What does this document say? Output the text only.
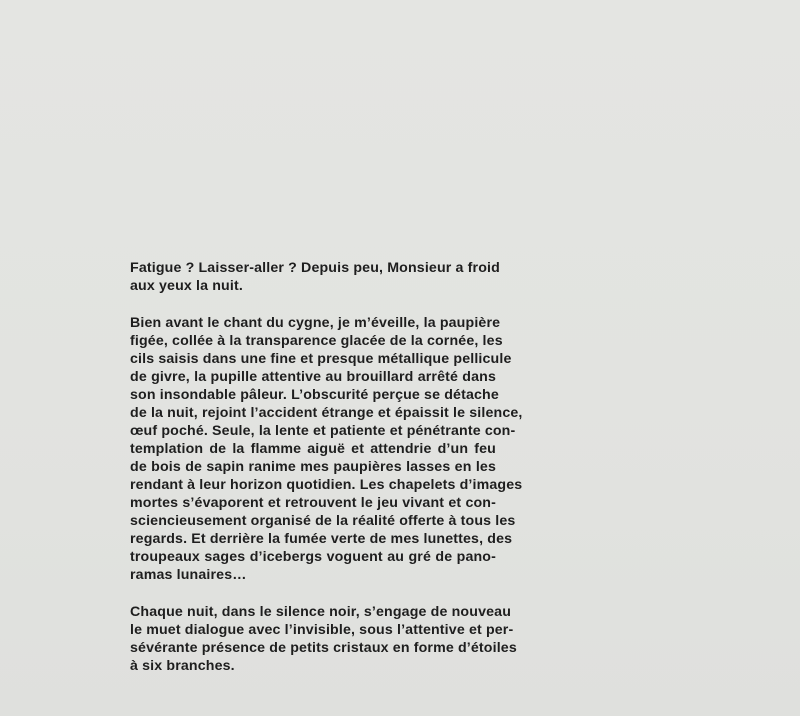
Fatigue ? Laisser-aller ? Depuis peu, Monsieur a froid
aux yeux la nuit.

Bien avant le chant du cygne, je m’éveille, la paupière
figée, collée à la transparence glacée de la cornée, les
cils saisis dans une fine et presque métallique pellicule
de givre, la pupille attentive au brouillard arrêté dans
son insondable pâleur. L’obscurité perçue se détache
de la nuit, rejoint l’accident étrange et épaissit le silence,
œuf poché. Seule, la lente et patiente et pénétrante con-
templation de la flamme aiguë et attendrie d’un feu
de bois de sapin ranime mes paupières lasses en les
rendant à leur horizon quotidien. Les chapelets d’images
mortes s’évaporent et retrouvent le jeu vivant et con-
sciencieusement organisé de la réalité offerte à tous les
regards. Et derrière la fumée verte de mes lunettes, des
troupeaux sages d’icebergs voguent au gré de pano-
ramas lunaires…

Chaque nuit, dans le silence noir, s’engage de nouveau
le muet dialogue avec l’invisible, sous l’attentive et per-
sévérante présence de petits cristaux en forme d’étoiles
à six branches.
